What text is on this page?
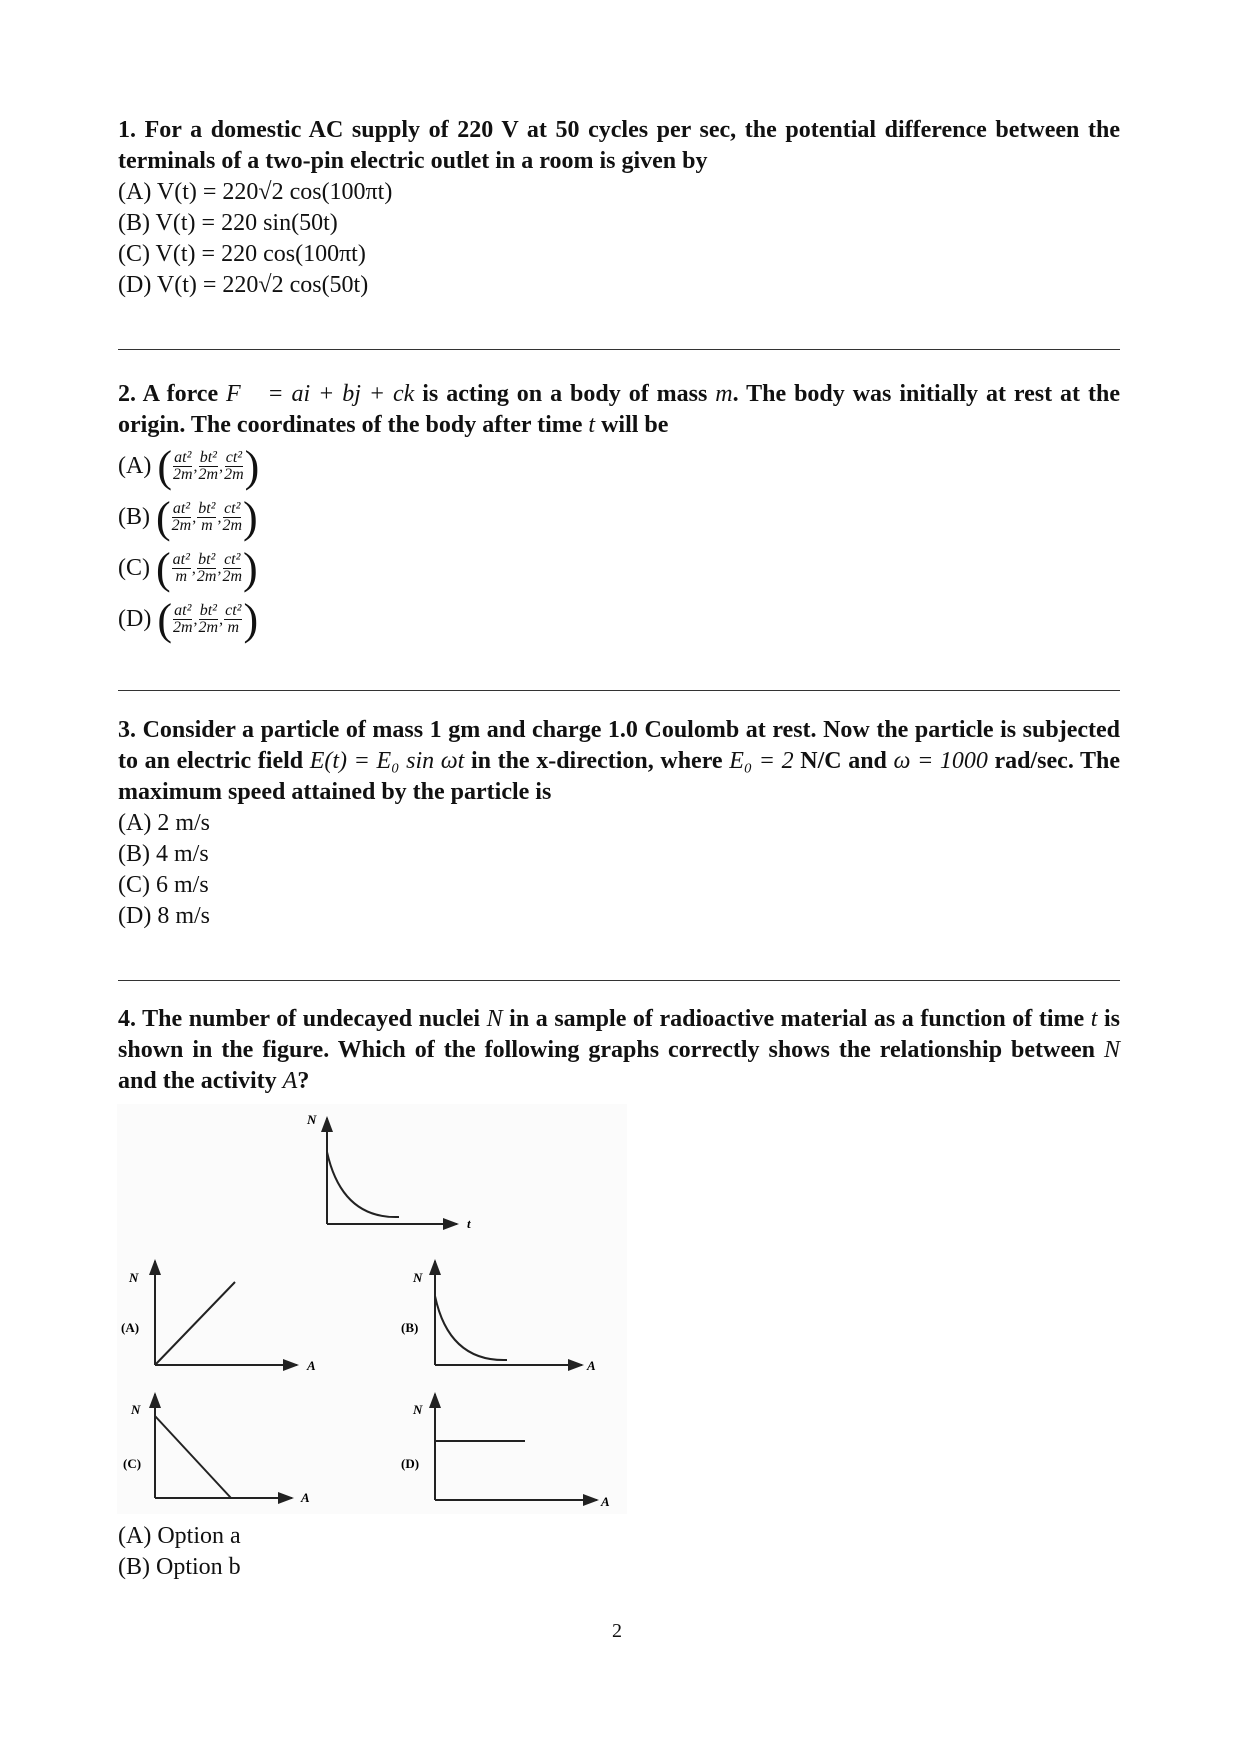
1. For a domestic AC supply of 220 V at 50 cycles per sec, the potential difference between the terminals of a two-pin electric outlet in a room is given by
(A) V(t) = 220√2 cos(100πt)
(B) V(t) = 220 sin(50t)
(C) V(t) = 220 cos(100πt)
(D) V(t) = 220√2 cos(50t)
2. A force F⃗ = ai + bj + ck is acting on a body of mass m. The body was initially at rest at the origin. The coordinates of the body after time t will be
(A)
( $\frac{\text{at²}}{2m}$ , $\frac{\text{bt²}}{2m}$ , $\frac{\text{ct²}}{2m}$ )
(B)
( $\frac{\text{at²}}{2m}$ , $\frac{\text{bt²}}{m}$ , $\frac{\text{ct²}}{2m}$ )
(C)
( $\frac{\text{at²}}{m}$ , $\frac{\text{bt²}}{2m}$ , $\frac{\text{ct²}}{2m}$ )
(D)
( $\frac{\text{at²}}{2m}$ , $\frac{\text{bt²}}{2m}$ , $\frac{\text{ct²}}{m}$ )
3. Consider a particle of mass 1 gm and charge 1.0 Coulomb at rest. Now the particle is subjected to an electric field E(t) = E₀ sin ωt in the x-direction, where E₀ = 2 N/C and ω = 1000 rad/sec. The maximum speed attained by the particle is
(A) 2 m/s
(B) 4 m/s
(C) 6 m/s
(D) 8 m/s
4. The number of undecayed nuclei N in a sample of radioactive material as a function of time t is shown in the figure. Which of the following graphs correctly shows the relationship between N and the activity A?
N
t
N
A
(A)
N
A
(B)
N
A
(C)
N
A
(D)
(A) Option a
(B) Option b
2
